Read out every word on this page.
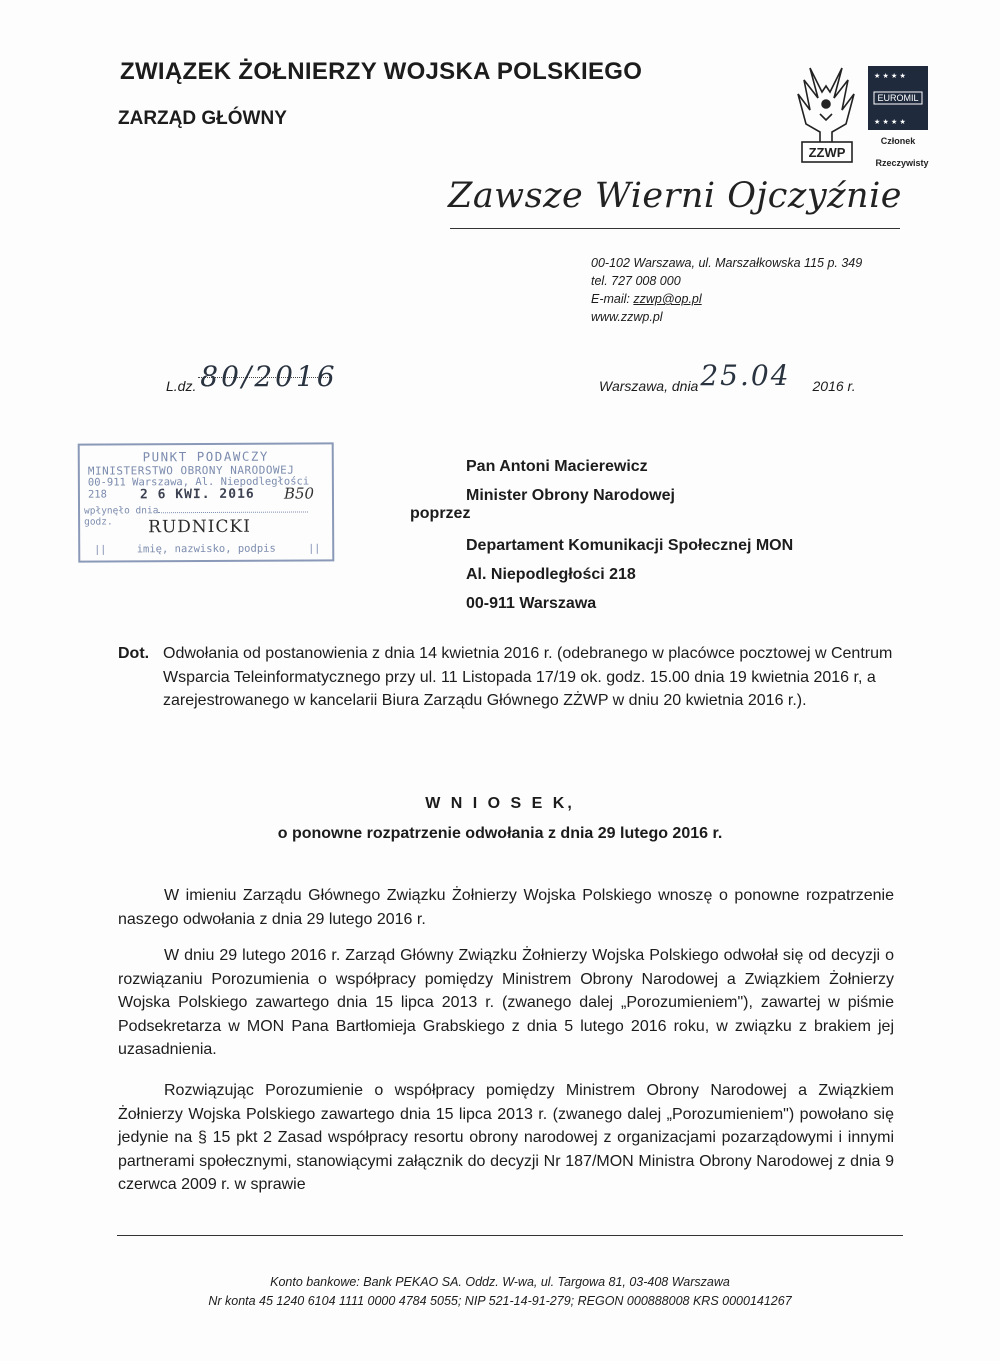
ZWIĄZEK ŻOŁNIERZY WOJSKA POLSKIEGO
ZARZĄD GŁÓWNY
ZZWP
★ ★ ★ ★
★ ★ ★ ★
EUROMIL
Członek
Rzeczywisty
Zawsze Wierni Ojczyźnie
00-102 Warszawa, ul. Marszałkowska 115 p. 349
tel. 727 008 000
E-mail: zzwp@op.pl
www.zzwp.pl
L.dz. 80/2016	Warszawa, dnia25.04 2016 r.
PUNKT PODAWCZY
MINISTERSTWO OBRONY NARODOWEJ
00-911 Warszawa, Al. Niepodległości 218	2 6 KWI. 2016 B50
wpłynęło dnia godz.	RUDNICKI
||	imię, nazwisko, podpis	||
Pan Antoni Macierewicz
Minister Obrony Narodowej
poprzez
Departament Komunikacji Społecznej MON
Al. Niepodległości 218
00-911 Warszawa
Dot. Odwołania od postanowienia z dnia 14 kwietnia 2016 r. (odebranego w placówce pocztowej w Centrum Wsparcia Teleinformatycznego przy ul. 11 Listopada 17/19 ok. godz. 15.00 dnia 19 kwietnia 2016 r, a zarejestrowanego w kancelarii Biura Zarządu Głównego ZŻWP w dniu 20 kwietnia 2016 r.).
W N I O S E K,
o ponowne rozpatrzenie odwołania z dnia 29 lutego 2016 r.

W imieniu Zarządu Głównego Związku Żołnierzy Wojska Polskiego wnoszę o ponowne rozpatrzenie naszego odwołania z dnia 29 lutego 2016 r.

W dniu 29 lutego 2016 r. Zarząd Główny Związku Żołnierzy Wojska Polskiego odwołał się od decyzji o rozwiązaniu Porozumienia o współpracy pomiędzy Ministrem Obrony Narodowej a Związkiem Żołnierzy Wojska Polskiego zawartego dnia 15 lipca 2013 r. (zwanego dalej „Porozumieniem"), zawartej w piśmie Podsekretarza w MON Pana Bartłomieja Grabskiego z dnia 5 lutego 2016 roku, w związku z brakiem jej uzasadnienia.

Rozwiązując Porozumienie o współpracy pomiędzy Ministrem Obrony Narodowej a Związkiem Żołnierzy Wojska Polskiego zawartego dnia 15 lipca 2013 r. (zwanego dalej „Porozumieniem") powołano się jedynie na § 15 pkt 2 Zasad współpracy resortu obrony narodowej z organizacjami pozarządowymi i innymi partnerami społecznymi, stanowiącymi załącznik do decyzji Nr 187/MON Ministra Obrony Narodowej z dnia 9 czerwca 2009 r. w sprawie

Konto bankowe: Bank PEKAO SA. Oddz. W-wa, ul. Targowa 81, 03-408 Warszawa
Nr konta 45 1240 6104 1111 0000 4784 5055; NIP 521-14-91-279; REGON 000888008 KRS 0000141267
